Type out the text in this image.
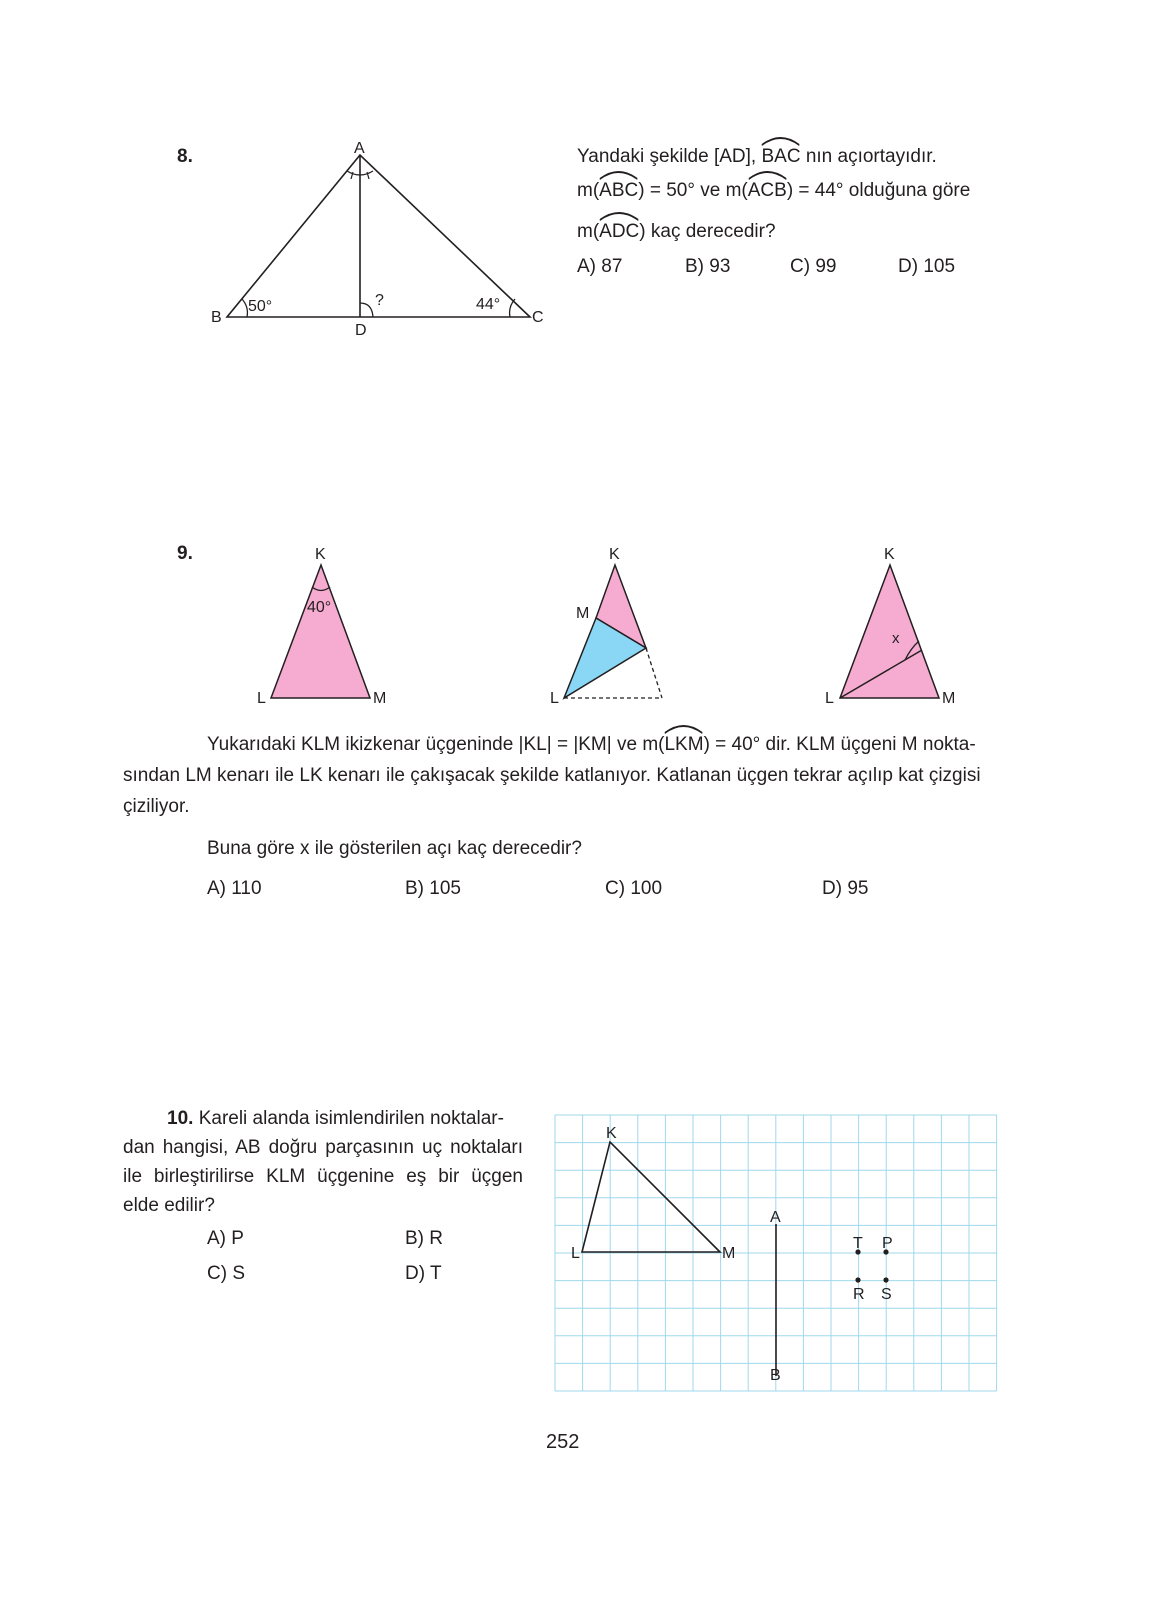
8.	A
B	C
D
50°	44°
?
Yandaki şekilde [AD],
BAC nın açıortayıdır.
m(
ABC) = 50° ve m(
ACB) = 44° olduğuna göre
m(
ADC) kaç derecedir?
A) 87	B) 93	C) 99	D) 105
9.	K
L	M
40°
K
M
L
K
L	M
x
Yukarıdaki KLM ikizkenar üçgeninde |KL| = |KM| ve m(
LKM) = 40° dir. KLM üçgeni M nokta-
sından LM kenarı ile LK kenarı ile çakışacak şekilde katlanıyor. Katlanan üçgen tekrar açılıp kat çizgisi
çiziliyor.
Buna göre x ile gösterilen açı kaç derecedir?
A) 110	B) 105	C) 100	D) 95
10. Kareli alanda isimlendirilen noktalar-
dan hangisi, AB doğru parçasının uç noktaları
ile birleştirilirse KLM üçgenine eş bir üçgen
elde edilir?
A) P	B) R
C) S	D) T
K
L	M
A
B
T P
R S
252
